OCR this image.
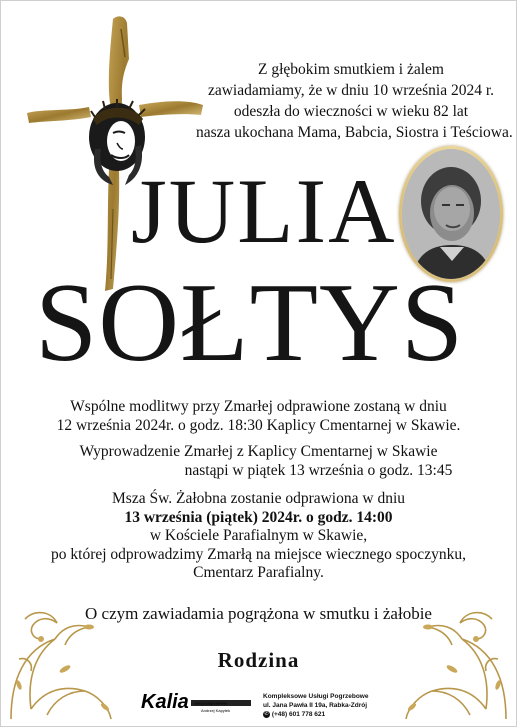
Z głębokim smutkiem i żalem
zawiadamiamy, że w dniu 10 września 2024 r.
odeszła do wieczności w wieku 82 lat
nasza ukochana Mama, Babcia, Siostra i Teściowa.
JULIA
SOŁTYS
Wspólne modlitwy przy Zmarłej odprawione zostaną w dniu
12 września 2024r. o godz. 18:30 Kaplicy Cmentarnej w Skawie.
Wyprowadzenie Zmarłej z Kaplicy Cmentarnej w Skawie
nastąpi w piątek 13 września o godz. 13:45
Msza Św. Żałobna zostanie odprawiona w dniu
13 września (piątek) 2024r. o godz. 14:00
w Kościele Parafialnym w Skawie,
po której odprowadzimy Zmarłą na miejsce wiecznego spoczynku,
Cmentarz Parafialny.
O czym zawiadamia pogrążona w smutku i żałobie
Rodzina
Kalia usługi pogrzebowe
Andrzej Kapytek
Kompleksowe Usługi Pogrzebowe
ul. Jana Pawła II 19a, Rabka-Zdrój
✆ (+48) 601 778 621
